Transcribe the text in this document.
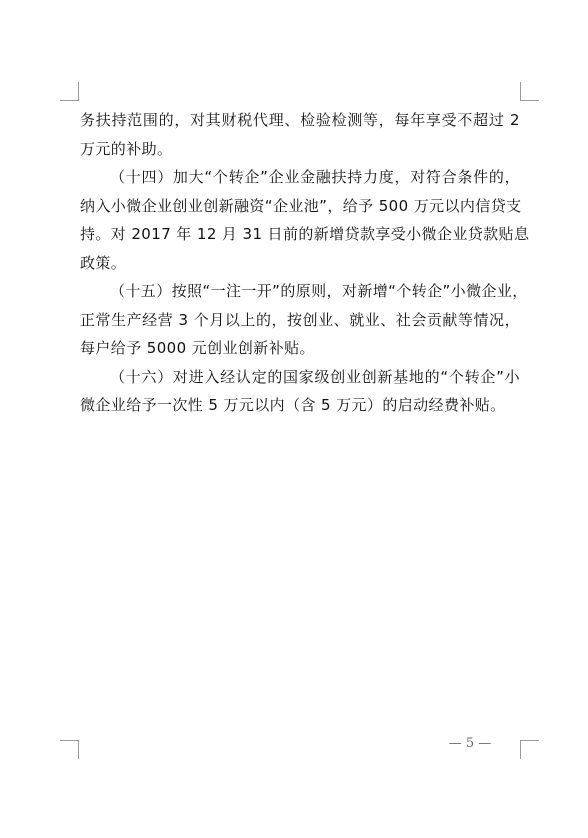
务扶持范围的，对其财税代理、检验检测等，每年享受不超过 2
万元的补助。
（十四）加大“个转企”企业金融扶持力度，对符合条件的，
纳入小微企业创业创新融资“企业池”，给予 500 万元以内信贷支
持。对 2017 年 12 月 31 日前的新增贷款享受小微企业贷款贴息
政策。
（十五）按照“一注一开”的原则，对新增“个转企”小微企业，
正常生产经营 3 个月以上的，按创业、就业、社会贡献等情况，
每户给予 5000 元创业创新补贴。
（十六）对进入经认定的国家级创业创新基地的“个转企”小
微企业给予一次性 5 万元以内（含 5 万元）的启动经费补贴。
— 5 —
